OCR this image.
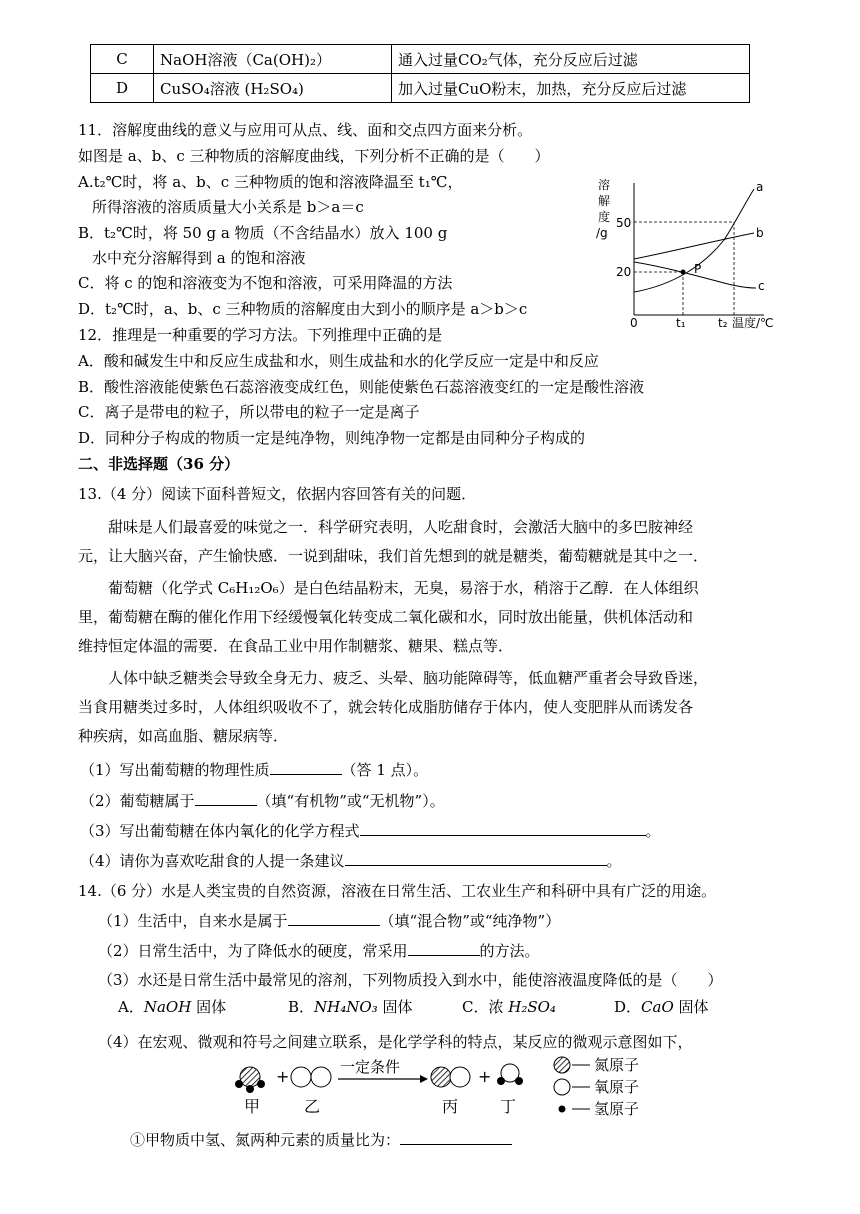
C	NaOH溶液（Ca(OH)₂）	通入过量CO₂气体，充分反应后过滤
D	CuSO₄溶液 (H₂SO₄)	加入过量CuO粉末，加热，充分反应后过滤
11．溶解度曲线的意义与应用可从点、线、面和交点四方面来分析。
如图是 a、b、c 三种物质的溶解度曲线，下列分析不正确的是（　　）
A.t₂℃时，将 a、b、c 三种物质的饱和溶液降温至 t₁℃，
所得溶液的溶质质量大小关系是 b＞a＝c
B．t₂℃时，将 50 g a 物质（不含结晶水）放入 100 g
水中充分溶解得到 a 的饱和溶液
C．将 c 的饱和溶液变为不饱和溶液，可采用降温的方法
D．t₂℃时，a、b、c 三种物质的溶解度由大到小的顺序是 a＞b＞c
溶
解
度
/g
50
20
0	t₁	t₂ 温度/℃
a
b
c
P
12．推理是一种重要的学习方法。下列推理中正确的是
A．酸和碱发生中和反应生成盐和水，则生成盐和水的化学反应一定是中和反应
B．酸性溶液能使紫色石蕊溶液变成红色，则能使紫色石蕊溶液变红的一定是酸性溶液
C．离子是带电的粒子，所以带电的粒子一定是离子
D．同种分子构成的物质一定是纯净物，则纯净物一定都是由同种分子构成的
二、非选择题（36 分）
13.（4 分）阅读下面科普短文，依据内容回答有关的问题．
甜味是人们最喜爱的味觉之一．科学研究表明，人吃甜食时，会激活大脑中的多巴胺神经
元，让大脑兴奋，产生愉快感．一说到甜味，我们首先想到的就是糖类，葡萄糖就是其中之一．
葡萄糖（化学式 C₆H₁₂O₆）是白色结晶粉末，无臭，易溶于水，稍溶于乙醇．在人体组织
里，葡萄糖在酶的催化作用下经缓慢氧化转变成二氧化碳和水，同时放出能量，供机体活动和
维持恒定体温的需要．在食品工业中用作制糖浆、糖果、糕点等．
人体中缺乏糖类会导致全身无力、疲乏、头晕、脑功能障碍等，低血糖严重者会导致昏迷，
当食用糖类过多时，人体组织吸收不了，就会转化成脂肪储存于体内，使人变肥胖从而诱发各
种疾病，如高血脂、糖尿病等．
（1）写出葡萄糖的物理性质	（答 1 点）。
（2）葡萄糖属于	（填“有机物”或“无机物”）。
（3）写出葡萄糖在体内氧化的化学方程式	。
（4）请你为喜欢吃甜食的人提一条建议	。
14.（6 分）水是人类宝贵的自然资源，溶液在日常生活、工农业生产和科研中具有广泛的用途。
（1）生活中，自来水是属于	（填“混合物”或“纯净物”）
（2）日常生活中，为了降低水的硬度，常采用	的方法。
（3）水还是日常生活中最常见的溶剂，下列物质投入到水中，能使溶液温度降低的是（　　）
A．NaOH 固体	B．NH₄NO₃ 固体	C．浓 H₂SO₄	D．CaO 固体
（4）在宏观、微观和符号之间建立联系，是化学学科的特点，某反应的微观示意图如下，
+	一定条件	+
甲	乙	丙	丁
氮原子
氧原子
氢原子
①甲物质中氢、氮两种元素的质量比为：
